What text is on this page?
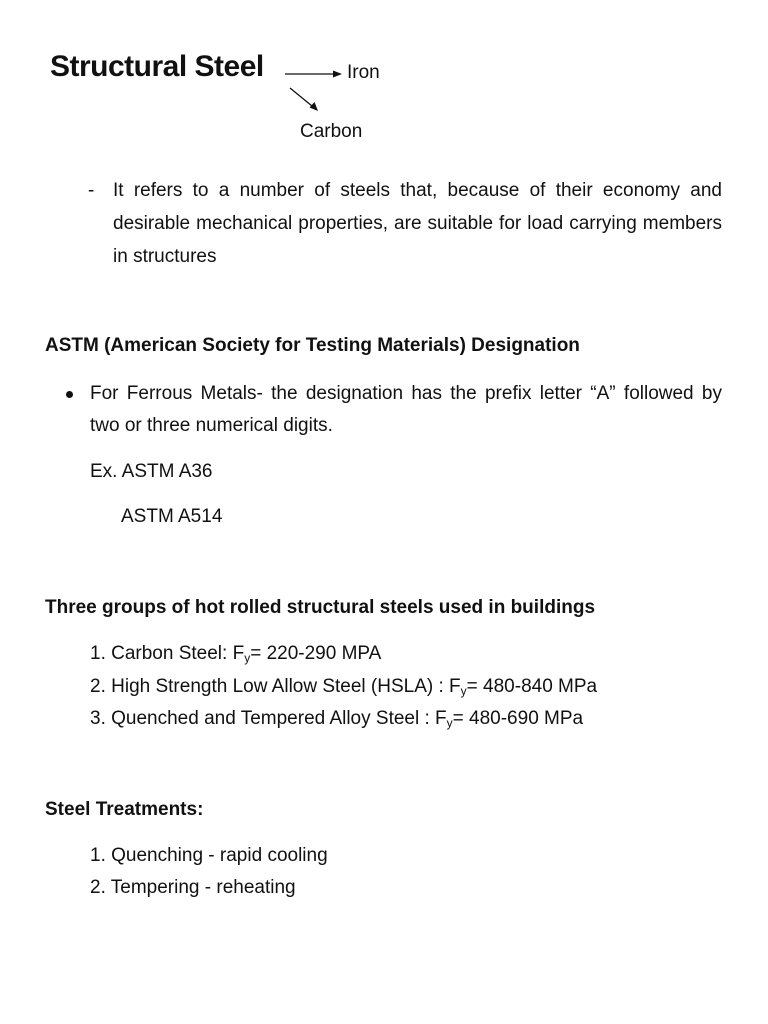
Structural Steel	Iron
Carbon
- It refers to a number of steels that, because of their economy and desirable mechanical properties, are suitable for load carrying members in structures
ASTM (American Society for Testing Materials) Designation
For Ferrous Metals- the designation has the prefix letter “A” followed by two or three numerical digits.
Ex. ASTM A36
ASTM A514
Three groups of hot rolled structural steels used in buildings
1. Carbon Steel: $F_y= 220-290$ MPA
2. High Strength Low Allow Steel (HSLA) : $F_y= 480-840$ MPa
3. Quenched and Tempered Alloy Steel : $F_y= 480-690$ MPa
Steel Treatments:
1. Quenching - rapid cooling
2. Tempering - reheating
